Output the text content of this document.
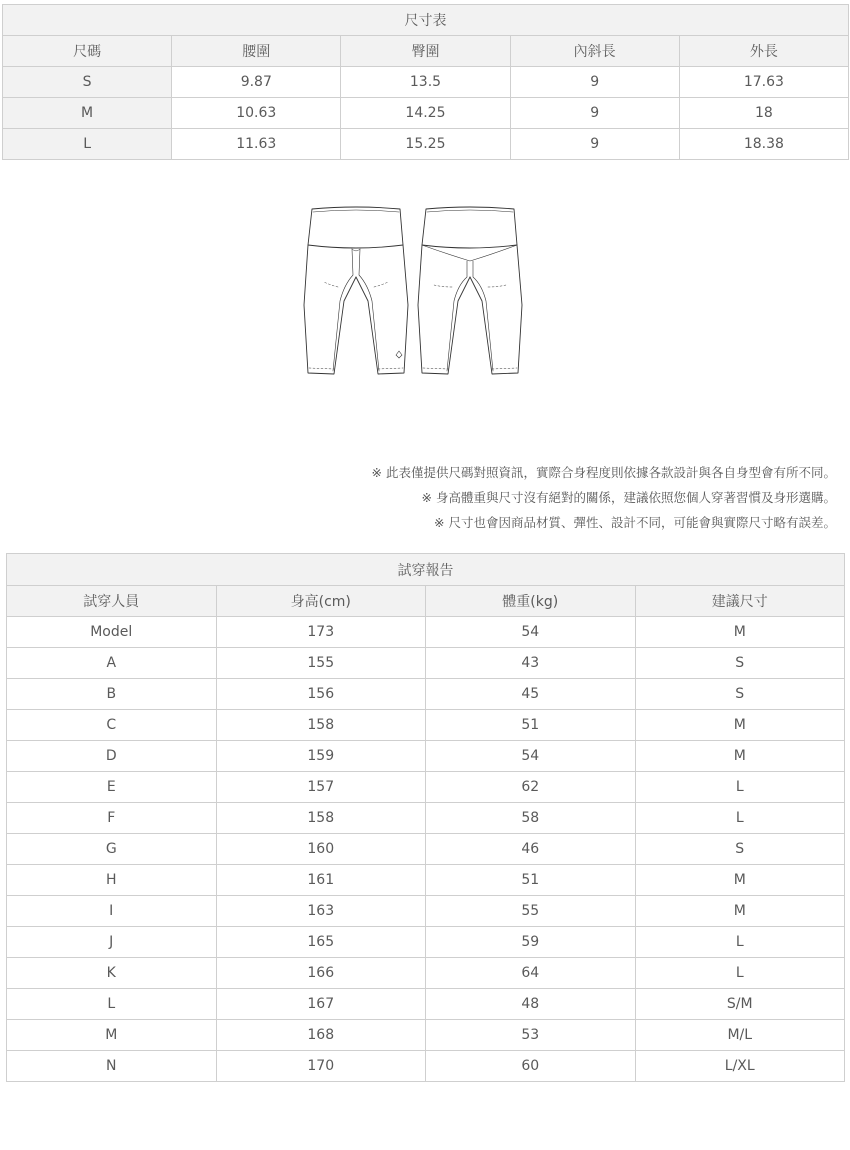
尺寸表				
尺碼	腰圍	臀圍	內斜長	外長
S	9.87	13.5	9	17.63
M	10.63	14.25	9	18
L	11.63	15.25	9	18.38

※ 此表僅提供尺碼對照資訊，實際合身程度則依據各款設計與各自身型會有所不同。

※ 身高體重與尺寸沒有絕對的關係，建議依照您個人穿著習慣及身形選購。

※ 尺寸也會因商品材質、彈性、設計不同，可能會與實際尺寸略有誤差。

試穿報告			
試穿人員	身高(cm)	體重(kg)	建議尺寸
Model	173	54	M
A	155	43	S
B	156	45	S
C	158	51	M
D	159	54	M
E	157	62	L
F	158	58	L
G	160	46	S
H	161	51	M
I	163	55	M
J	165	59	L
K	166	64	L
L	167	48	S/M
M	168	53	M/L
N	170	60	L/XL
